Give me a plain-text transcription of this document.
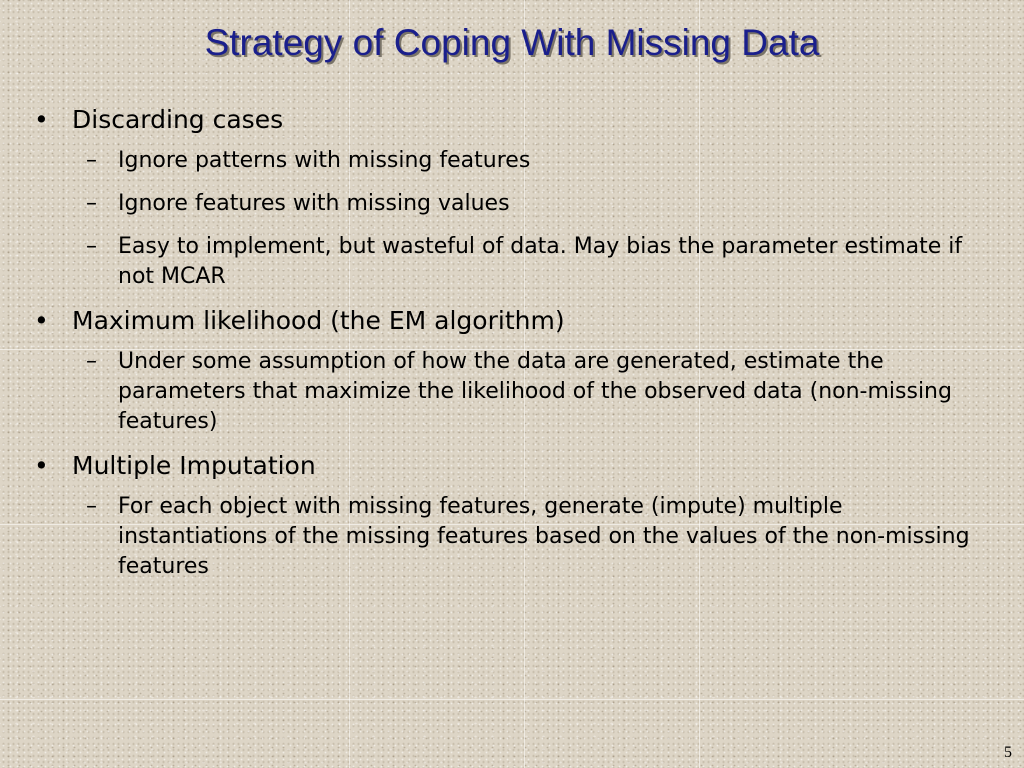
Strategy of Coping With Missing Data
• Discarding cases
– Ignore patterns with missing features
– Ignore features with missing values
– Easy to implement, but wasteful of data. May bias the parameter estimate if not MCAR
• Maximum likelihood (the EM algorithm)
– Under some assumption of how the data are generated, estimate the parameters that maximize the likelihood of the observed data (non-missing features)
• Multiple Imputation
– For each object with missing features, generate (impute) multiple instantiations of the missing features based on the values of the non-missing features
5
